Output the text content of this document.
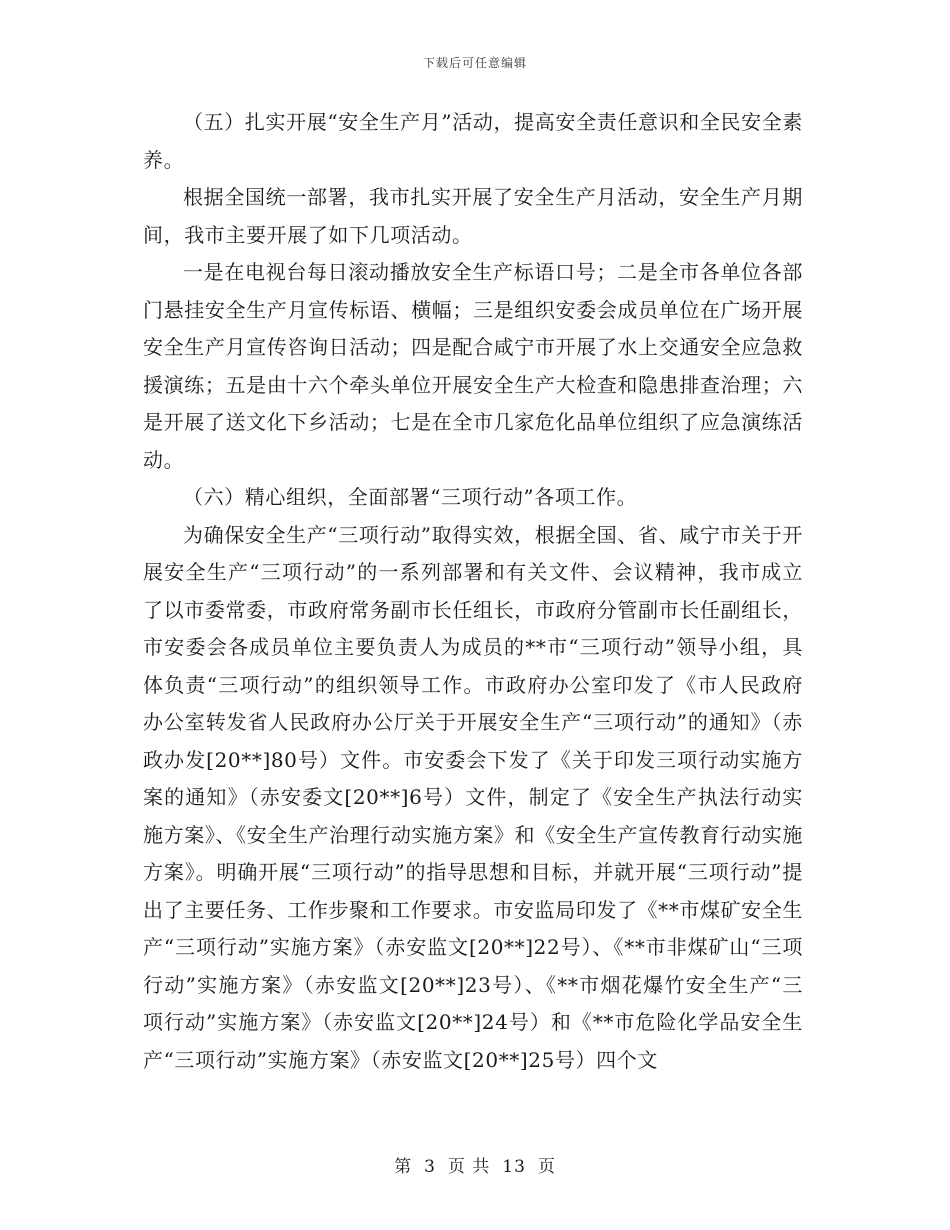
下载后可任意编辑

（五）扎实开展“安全生产月”活动，提高安全责任意识和全民安全素养。

根据全国统一部署，我市扎实开展了安全生产月活动，安全生产月期间，我市主要开展了如下几项活动。

一是在电视台每日滚动播放安全生产标语口号；二是全市各单位各部门悬挂安全生产月宣传标语、横幅；三是组织安委会成员单位在广场开展安全生产月宣传咨询日活动；四是配合咸宁市开展了水上交通安全应急救援演练；五是由十六个牵头单位开展安全生产大检查和隐患排查治理；六是开展了送文化下乡活动；七是在全市几家危化品单位组织了应急演练活动。

（六）精心组织，全面部署“三项行动”各项工作。

为确保安全生产“三项行动”取得实效，根据全国、省、咸宁市关于开展安全生产“三项行动”的一系列部署和有关文件、会议精神，我市成立了以市委常委，市政府常务副市长任组长，市政府分管副市长任副组长，市安委会各成员单位主要负责人为成员的**市“三项行动”领导小组，具体负责“三项行动”的组织领导工作。市政府办公室印发了《市人民政府办公室转发省人民政府办公厅关于开展安全生产“三项行动”的通知》（赤政办发[20**]80号）文件。市安委会下发了《关于印发三项行动实施方案的通知》（赤安委文[20**]6号）文件，制定了《安全生产执法行动实施方案》、《安全生产治理行动实施方案》和《安全生产宣传教育行动实施方案》。明确开展“三项行动”的指导思想和目标，并就开展“三项行动”提出了主要任务、工作步聚和工作要求。市安监局印发了《**市煤矿安全生产“三项行动”实施方案》（赤安监文[20**]22号）、《**市非煤矿山“三项行动”实施方案》（赤安监文[20**]23号）、《**市烟花爆竹安全生产“三项行动”实施方案》（赤安监文[20**]24号）和《**市危险化学品安全生产“三项行动”实施方案》（赤安监文[20**]25号）四个文

第 3 页 共 13 页
